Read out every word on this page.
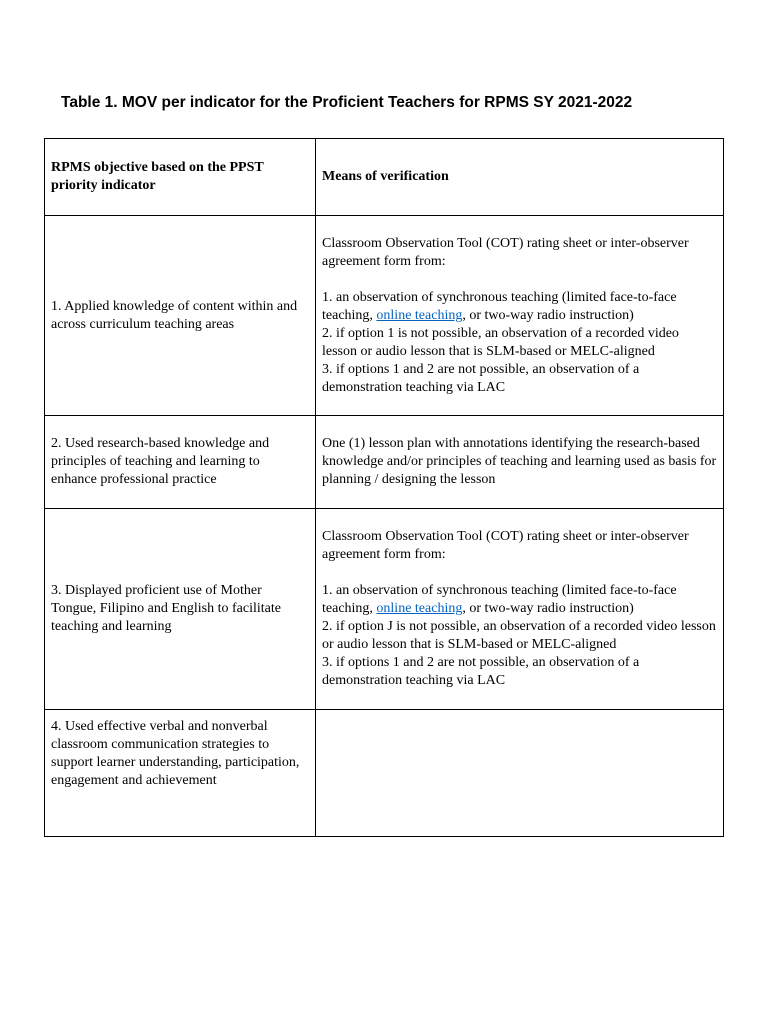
Table 1. MOV per indicator for the Proficient Teachers for RPMS SY 2021-2022
RPMS objective based on the PPST priority indicator	Means of verification
1. Applied knowledge of content within and across curriculum teaching areas	Classroom Observation Tool (COT) rating sheet or inter-observer agreement form from:
1. an observation of synchronous teaching (limited face-to-face teaching, online teaching, or two-way radio instruction)
2. if option 1 is not possible, an observation of a recorded video lesson or audio lesson that is SLM-based or MELC-aligned
3. if options 1 and 2 are not possible, an observation of a demonstration teaching via LAC

2. Used research-based knowledge and principles of teaching and learning to enhance professional practice	One (1) lesson plan with annotations identifying the research-based knowledge and/or principles of teaching and learning used as basis for planning / designing the lesson
3. Displayed proficient use of Mother Tongue, Filipino and English to facilitate teaching and learning	Classroom Observation Tool (COT) rating sheet or inter-observer agreement form from:
1. an observation of synchronous teaching (limited face-to-face teaching, online teaching, or two-way radio instruction)
2. if option J is not possible, an observation of a recorded video lesson or audio lesson that is SLM-based or MELC-aligned
3. if options 1 and 2 are not possible, an observation of a demonstration teaching via LAC

4. Used effective verbal and nonverbal classroom communication strategies to support learner understanding, participation, engagement and achievement	
